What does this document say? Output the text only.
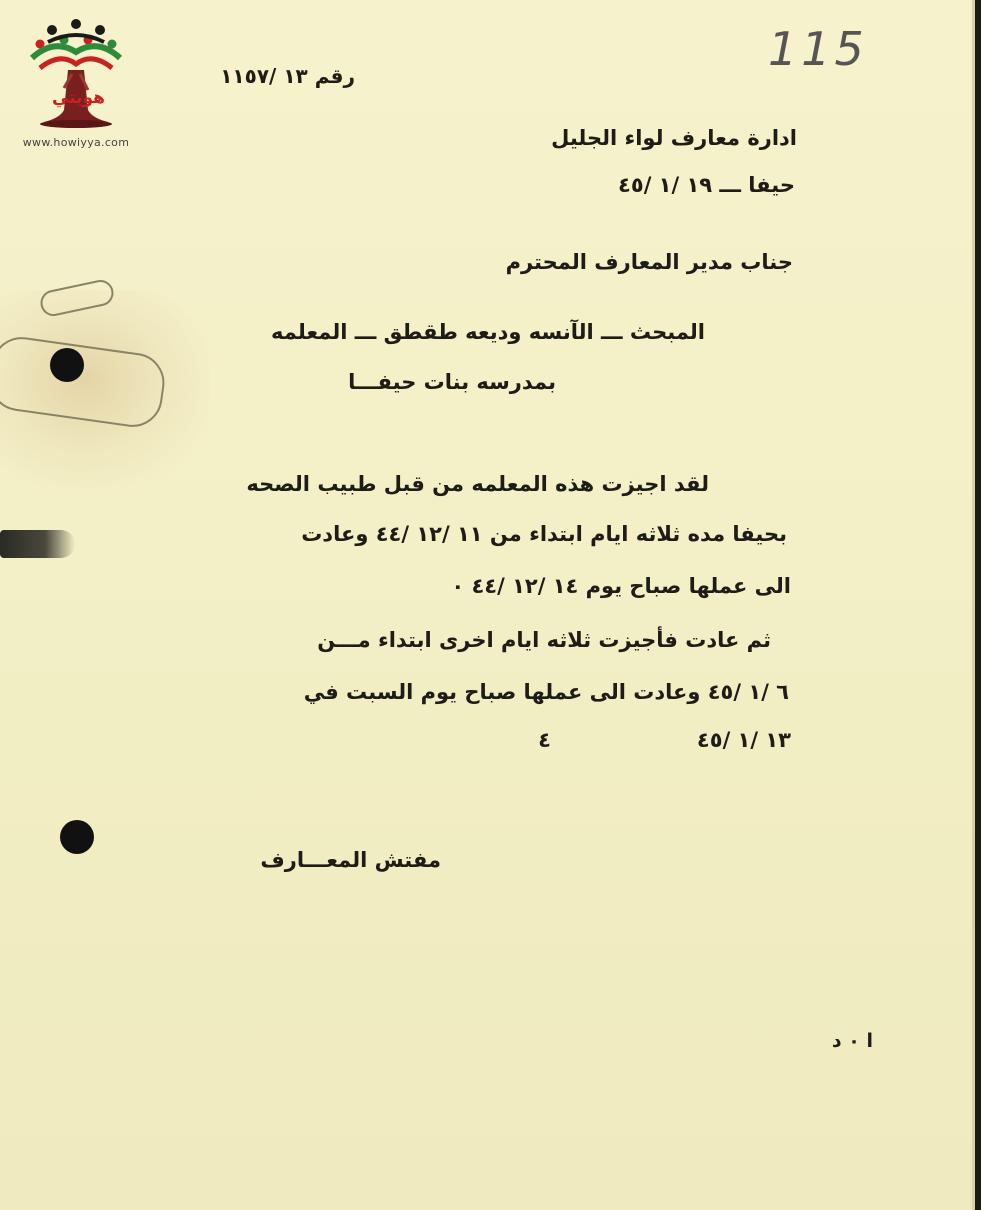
هويتي
www.howiyya.com
115
رقم ١٣ /١١٥٧
ادارة معارف لواء الجليل
حيفا ـــ ١٩ /١ /٤٥
جناب مدير المعارف المحترم
المبحث ـــ الآنسه وديعه طقطق ـــ المعلمه
بمدرسه بنات حيفـــا
لقد اجيزت هذه المعلمه من قبل طبيب الصحه
بحيفا مده ثلاثه ايام ابتداء من ١١ /١٢ /٤٤ وعادت
الى عملها صباح يوم ١٤ /١٢ /٤٤ ٠
ثم عادت فأجيزت ثلاثه ايام اخرى ابتداء مـــن
٦ /١ /٤٥ وعادت الى عملها صباح يوم السبت في
١٣ /١ /٤٥
٤
مفتش المعـــارف
ا ٠ د
